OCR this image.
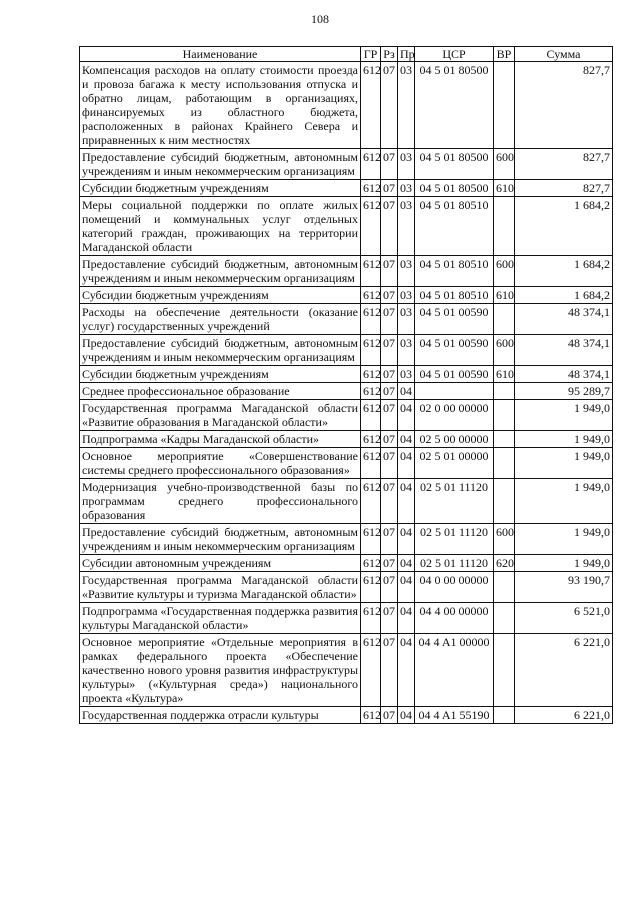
108
Наименование	ГР	Рз	Пр	ЦСР	ВР	Сумма
Компенсация расходов на оплату стоимости проезда и провоза багажа к месту использования отпуска и обратно лицам, работающим в организациях, финансируемых из областного бюджета, расположенных в районах Крайнего Севера и приравненных к ним местностях	612	07	03	04 5 01 80500		827,7
Предоставление субсидий бюджетным, автономным учреждениям и иным некоммерческим организациям	612	07	03	04 5 01 80500	600	827,7
Субсидии бюджетным учреждениям	612	07	03	04 5 01 80500	610	827,7
Меры социальной поддержки по оплате жилых помещений и коммунальных услуг отдельных категорий граждан, проживающих на территории Магаданской области	612	07	03	04 5 01 80510		1 684,2
Предоставление субсидий бюджетным, автономным учреждениям и иным некоммерческим организациям	612	07	03	04 5 01 80510	600	1 684,2
Субсидии бюджетным учреждениям	612	07	03	04 5 01 80510	610	1 684,2
Расходы на обеспечение деятельности (оказание услуг) государственных учреждений	612	07	03	04 5 01 00590		48 374,1
Предоставление субсидий бюджетным, автономным учреждениям и иным некоммерческим организациям	612	07	03	04 5 01 00590	600	48 374,1
Субсидии бюджетным учреждениям	612	07	03	04 5 01 00590	610	48 374,1
Среднее профессиональное образование	612	07	04			95 289,7
Государственная программа Магаданской области «Развитие образования в Магаданской области»	612	07	04	02 0 00 00000		1 949,0
Подпрограмма «Кадры Магаданской области»	612	07	04	02 5 00 00000		1 949,0
Основное мероприятие «Совершенствование системы среднего профессионального образования»	612	07	04	02 5 01 00000		1 949,0
Модернизация учебно-производственной базы по программам среднего профессионального образования	612	07	04	02 5 01 11120		1 949,0
Предоставление субсидий бюджетным, автономным учреждениям и иным некоммерческим организациям	612	07	04	02 5 01 11120	600	1 949,0
Субсидии автономным учреждениям	612	07	04	02 5 01 11120	620	1 949,0
Государственная программа Магаданской области «Развитие культуры и туризма Магаданской области»	612	07	04	04 0 00 00000		93 190,7
Подпрограмма «Государственная поддержка развития культуры Магаданской области»	612	07	04	04 4 00 00000		6 521,0
Основное мероприятие «Отдельные мероприятия в рамках федерального проекта «Обеспечение качественно нового уровня развития инфраструктуры культуры» («Культурная среда») национального проекта «Культура»	612	07	04	04 4 A1 00000		6 221,0
Государственная поддержка отрасли культуры	612	07	04	04 4 A1 55190		6 221,0
